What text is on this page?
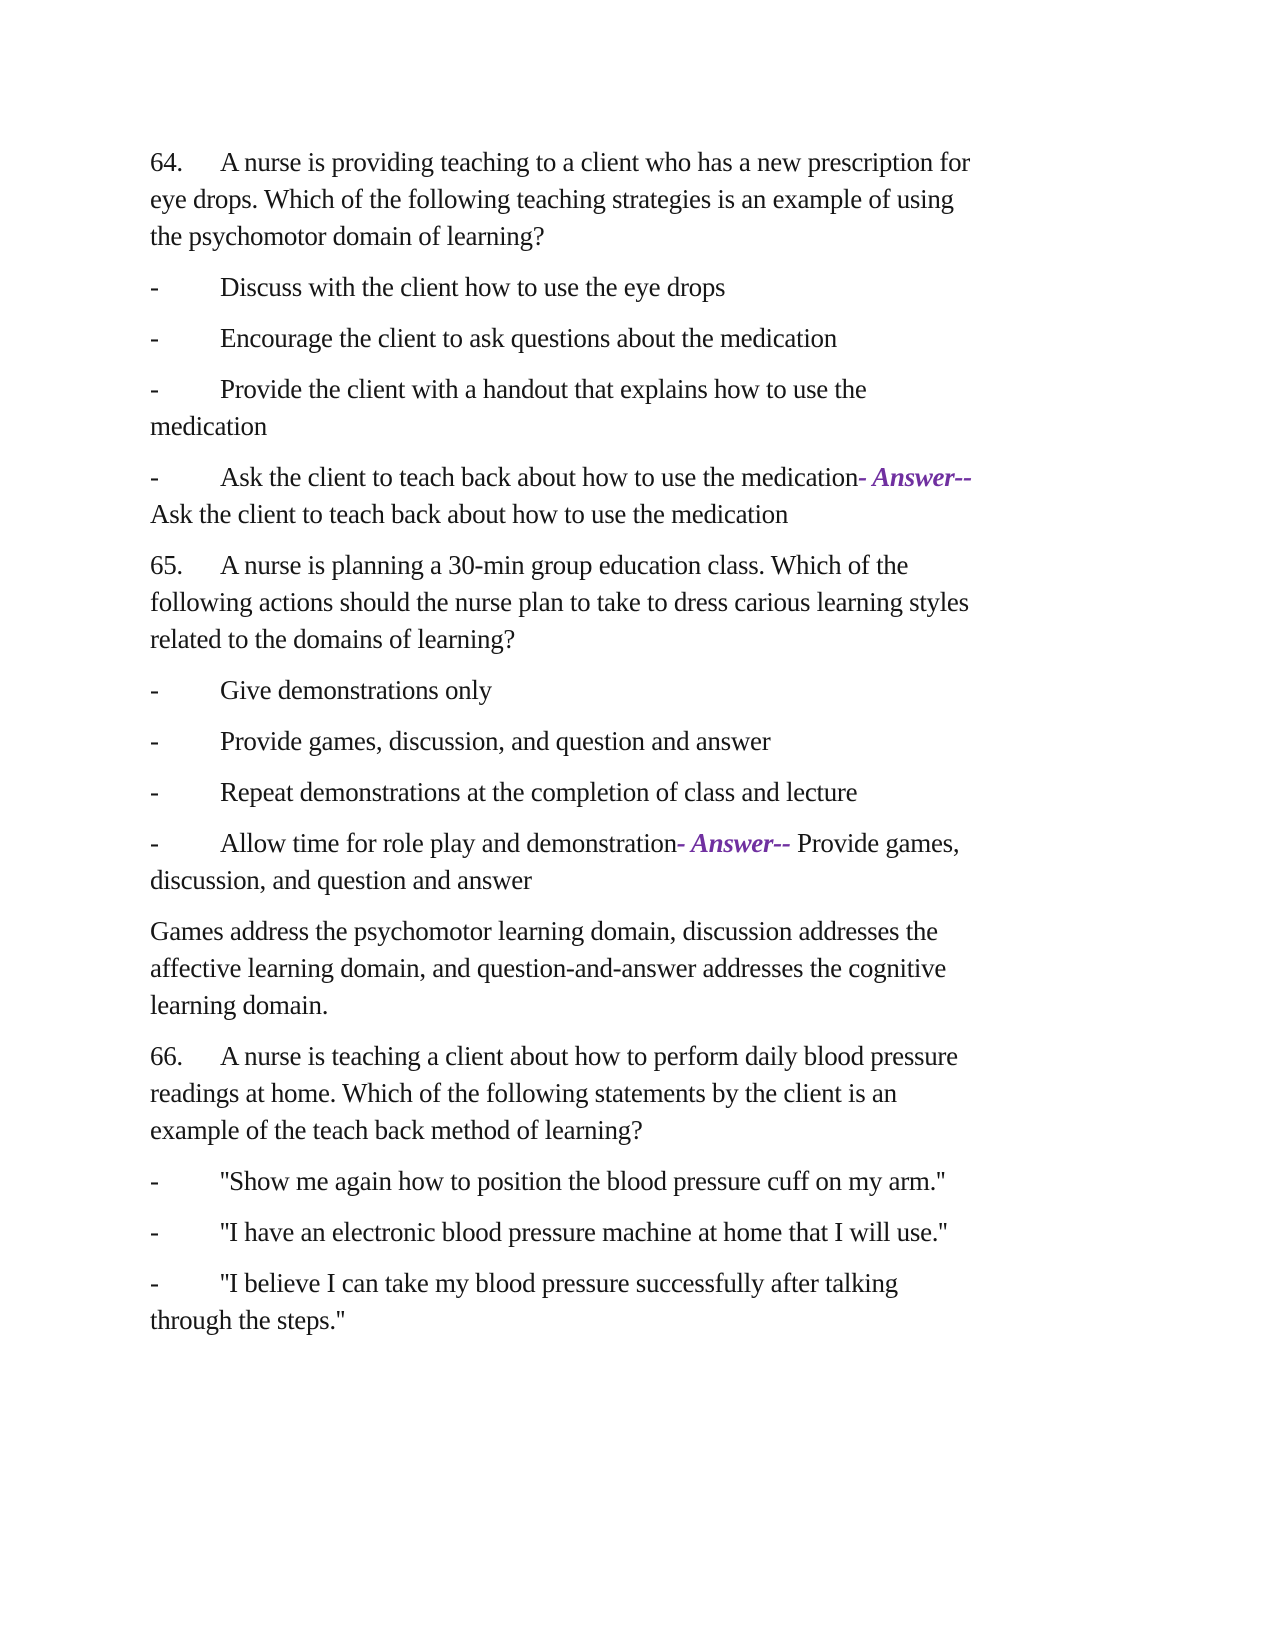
64. A nurse is providing teaching to a client who has a new prescription for
eye drops. Which of the following teaching strategies is an example of using
the psychomotor domain of learning?
- Discuss with the client how to use the eye drops
- Encourage the client to ask questions about the medication
- Provide the client with a handout that explains how to use the
medication
- Ask the client to teach back about how to use the medication- Answer--
Ask the client to teach back about how to use the medication
65. A nurse is planning a 30-min group education class. Which of the
following actions should the nurse plan to take to dress carious learning styles
related to the domains of learning?
- Give demonstrations only
- Provide games, discussion, and question and answer
- Repeat demonstrations at the completion of class and lecture
- Allow time for role play and demonstration- Answer-- Provide games,
discussion, and question and answer
Games address the psychomotor learning domain, discussion addresses the
affective learning domain, and question-and-answer addresses the cognitive
learning domain.
66. A nurse is teaching a client about how to perform daily blood pressure
readings at home. Which of the following statements by the client is an
example of the teach back method of learning?
- ''Show me again how to position the blood pressure cuff on my arm.''
- ''I have an electronic blood pressure machine at home that I will use.''
- ''I believe I can take my blood pressure successfully after talking
through the steps.''
